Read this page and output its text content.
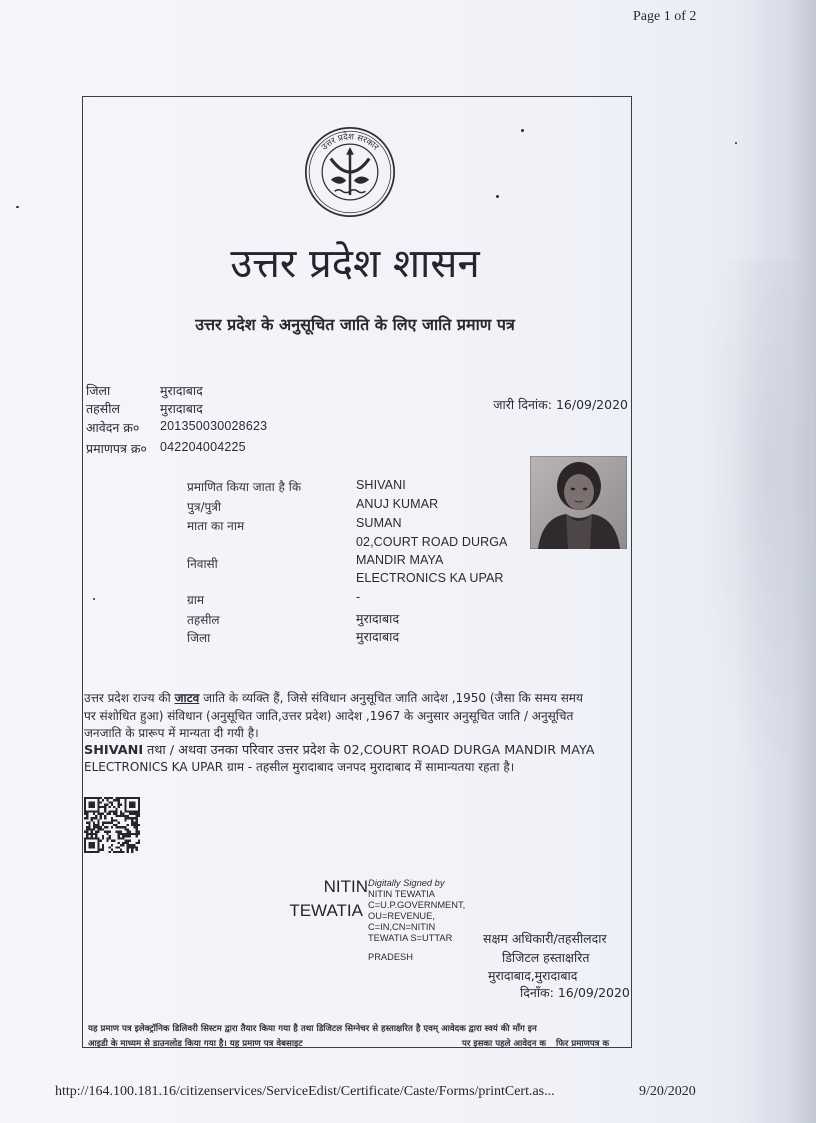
Page 1 of 2
उत्तर प्रदेश सरकार
उत्तर प्रदेश शासन
उत्तर प्रदेश के अनुसूचित जाति के लिए जाति प्रमाण पत्र
जिला	मुरादाबाद
तहसील	मुरादाबाद
आवेदन क्र० 201350030028623
प्रमाणपत्र क्र० 042204004225
जारी दिनांक: 16/09/2020
प्रमाणित किया जाता है कि	SHIVANI
पुत्र/पुत्री	ANUJ KUMAR
माता का नाम	SUMAN
02,COURT ROAD DURGA
निवासी	MANDIR MAYA
ELECTRONICS KA UPAR
ग्राम	-
तहसील	मुरादाबाद
जिला	मुरादाबाद
उत्तर प्रदेश राज्य की जाटव जाति के व्यक्ति हैं, जिसे संविधान अनुसूचित जाति आदेश ,1950 (जैसा कि समय समय
पर संशोधित हुआ) संविधान (अनुसूचित जाति,उत्तर प्रदेश) आदेश ,1967 के अनुसार अनुसूचित जाति / अनुसूचित
जनजाति के प्रारूप में मान्यता दी गयी है।
SHIVANI तथा / अथवा उनका परिवार उत्तर प्रदेश के 02,COURT ROAD DURGA MANDIR MAYA
ELECTRONICS KA UPAR ग्राम - तहसील मुरादाबाद जनपद मुरादाबाद में सामान्यतया रहता है।
NITIN
TEWATIA
Digitally Signed by
NITIN TEWATIA
C=U.P.GOVERNMENT,
OU=REVENUE,
C=IN,CN=NITIN
TEWATIA S=UTTAR
PRADESH
सक्षम अधिकारी/तहसीलदार
डिजिटल हस्ताक्षरित
मुरादाबाद,मुरादाबाद
दिनाँक: 16/09/2020
यह प्रमाण पत्र इलेक्ट्रॉनिक डिलिवरी सिस्टम द्वारा तैयार किया गया है तथा डिजिटल सिग्नेचर से हस्ताक्षरित है एवम् आवेदक द्वारा स्वयं की माँग इन
आइडी के माध्यम से डाउनलोड किया गया है। यह प्रमाण पत्र वेबसाइट	पर इसका पहले आवेदन क फिर प्रमाणपत्र क
http://164.100.181.16/citizenservices/ServiceEdist/Certificate/Caste/Forms/printCert.as...	9/20/2020
